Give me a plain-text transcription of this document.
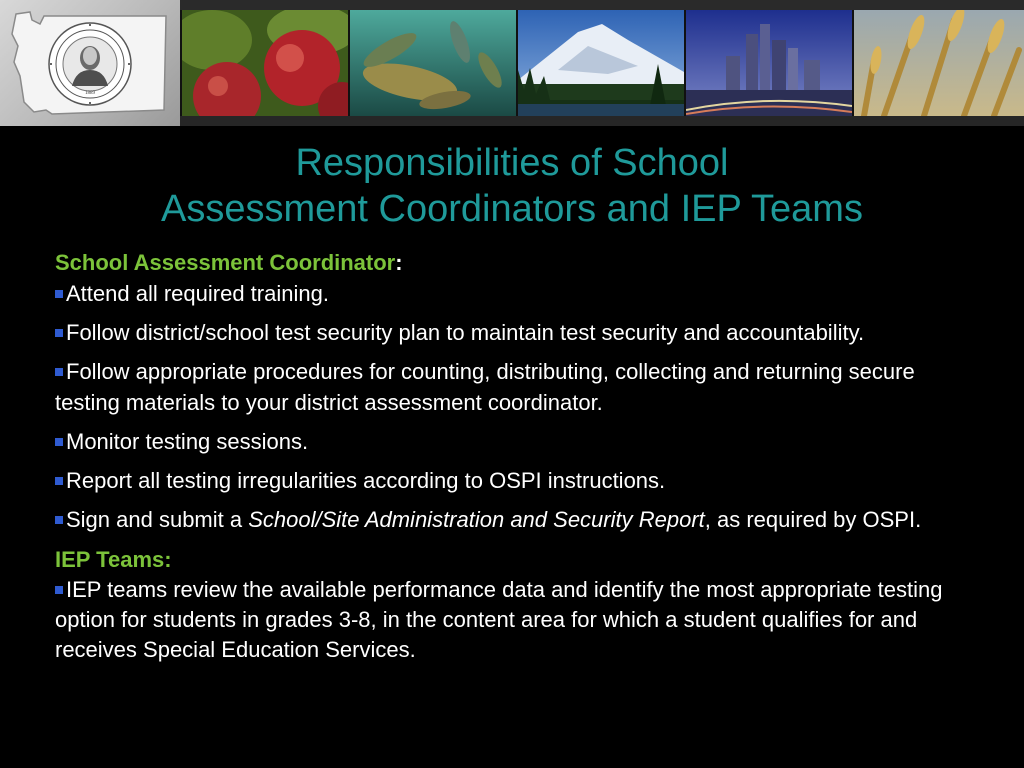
1889
Responsibilities of School
Assessment Coordinators and IEP Teams
School Assessment Coordinator:
Attend all required training.
Follow district/school test security plan to maintain test security and accountability.
Follow appropriate procedures for counting, distributing, collecting and returning secure testing materials to your district assessment coordinator.
Monitor testing sessions.
Report all testing irregularities according to OSPI instructions.
Sign and submit a School/Site Administration and Security Report, as required by OSPI.
IEP Teams:
IEP teams review the available performance data and identify the most appropriate testing option for students in grades 3-8, in the content area for which a student qualifies for and receives Special Education Services.
